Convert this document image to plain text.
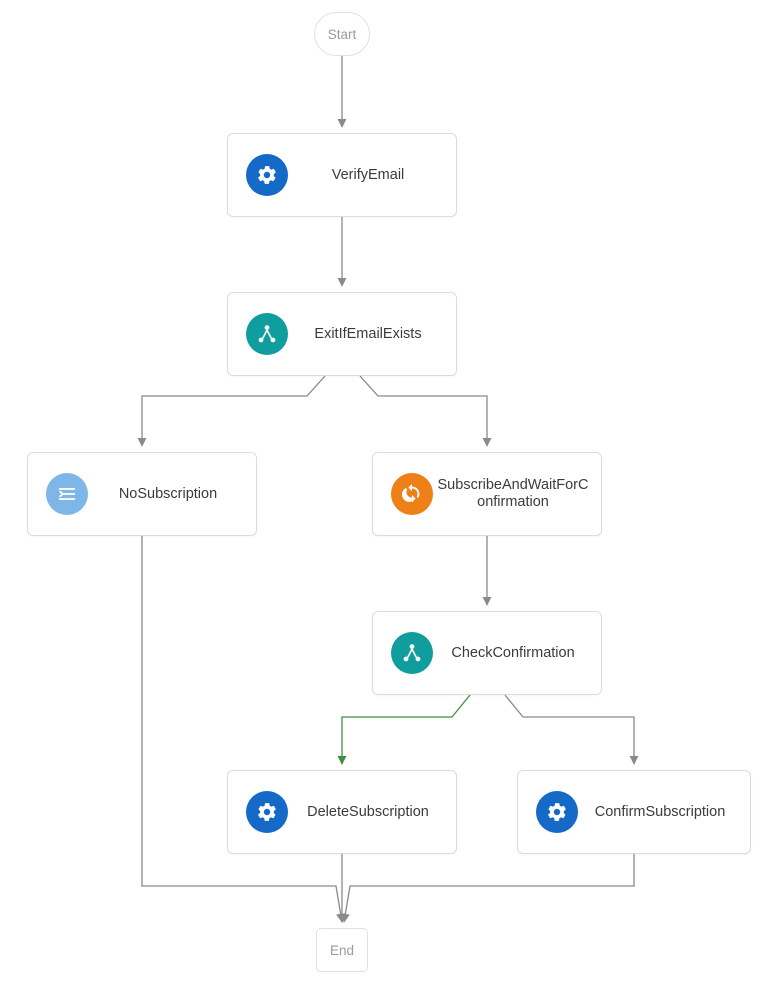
Start
VerifyEmail
ExitIfEmailExists
NoSubscription
SubscribeAndWaitForConfirmation
CheckConfirmation
DeleteSubscription	ConfirmSubscription
End
